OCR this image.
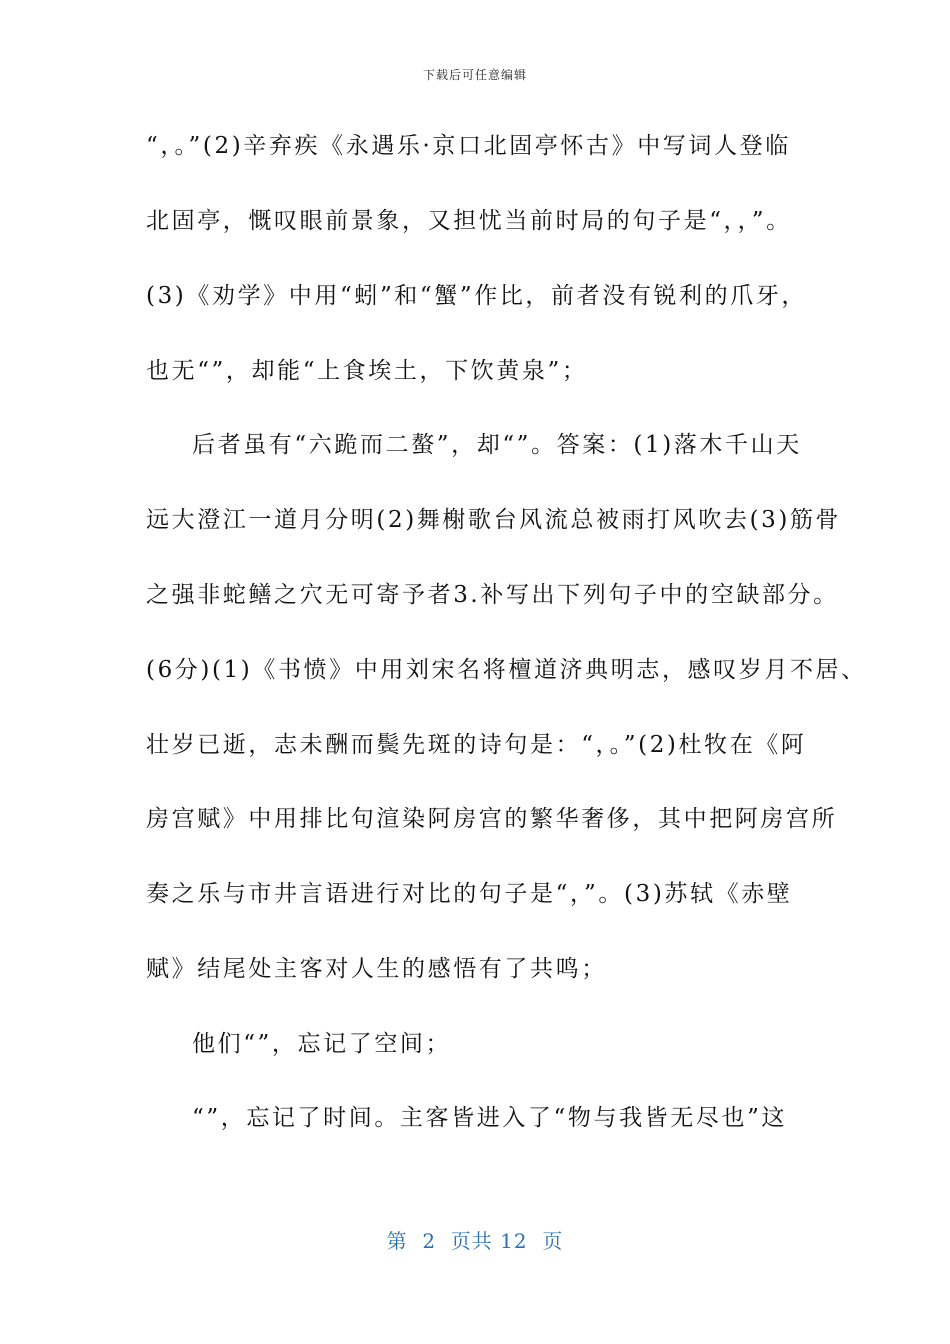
下载后可任意编辑
“，。”(2)辛弃疾《永遇乐·京口北固亭怀古》中写词人登临
北固亭，慨叹眼前景象，又担忧当前时局的句子是“，，”。
(3)《劝学》中用“蚓”和“蟹”作比，前者没有锐利的爪牙，
也无“”，却能“上食埃土，下饮黄泉”；
后者虽有“六跪而二螯”，却“”。答案：(1)落木千山天
远大澄江一道月分明(2)舞榭歌台风流总被雨打风吹去(3)筋骨
之强非蛇鳝之穴无可寄予者3.补写出下列句子中的空缺部分。
(6分)(1)《书愤》中用刘宋名将檀道济典明志，感叹岁月不居、
壮岁已逝，志未酬而鬓先斑的诗句是：“，。”(2)杜牧在《阿
房宫赋》中用排比句渲染阿房宫的繁华奢侈，其中把阿房宫所
奏之乐与市井言语进行对比的句子是“，”。(3)苏轼《赤壁
赋》结尾处主客对人生的感悟有了共鸣；
他们“”，忘记了空间；
“”，忘记了时间。主客皆进入了“物与我皆无尽也”这
第  2  页共 12  页
